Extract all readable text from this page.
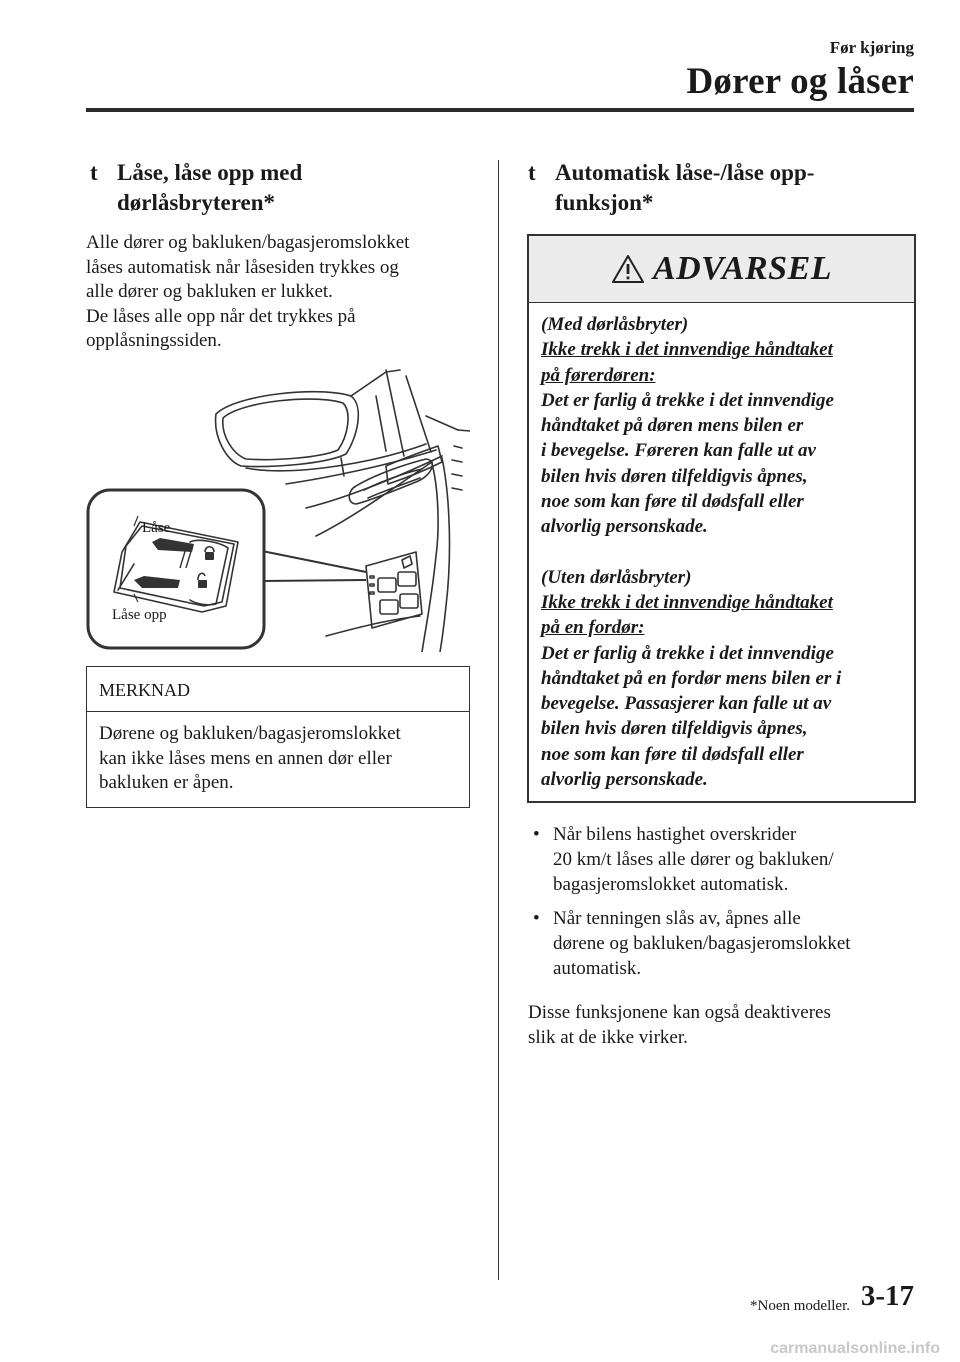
Før kjøring
Dører og låser
t Låse, låse opp med
dørlåsbryteren*
Alle dører og bakluken/bagasjeromslokket
låses automatisk når låsesiden trykkes og
alle dører og bakluken er lukket.
De låses alle opp når det trykkes på
opplåsningssiden.
Låse
Låse opp
MERKNAD
Dørene og bakluken/bagasjeromslokket
kan ikke låses mens en annen dør eller
bakluken er åpen.
t Automatisk låse-/låse opp-
funksjon*
ADVARSEL
(Med dørlåsbryter)
Ikke trekk i det innvendige håndtaket
på førerdøren:
Det er farlig å trekke i det innvendige
håndtaket på døren mens bilen er
i bevegelse. Føreren kan falle ut av
bilen hvis døren tilfeldigvis åpnes,
noe som kan føre til dødsfall eller
alvorlig personskade.
(Uten dørlåsbryter)
Ikke trekk i det innvendige håndtaket
på en fordør:
Det er farlig å trekke i det innvendige
håndtaket på en fordør mens bilen er i
bevegelse. Passasjerer kan falle ut av
bilen hvis døren tilfeldigvis åpnes,
noe som kan føre til dødsfall eller
alvorlig personskade.
• Når bilens hastighet overskrider
20 km/t låses alle dører og bakluken/
bagasjeromslokket automatisk.
• Når tenningen slås av, åpnes alle
dørene og bakluken/bagasjeromslokket
automatisk.
Disse funksjonene kan også deaktiveres
slik at de ikke virker.
*Noen modeller. 3-17
carmanualsonline.info
